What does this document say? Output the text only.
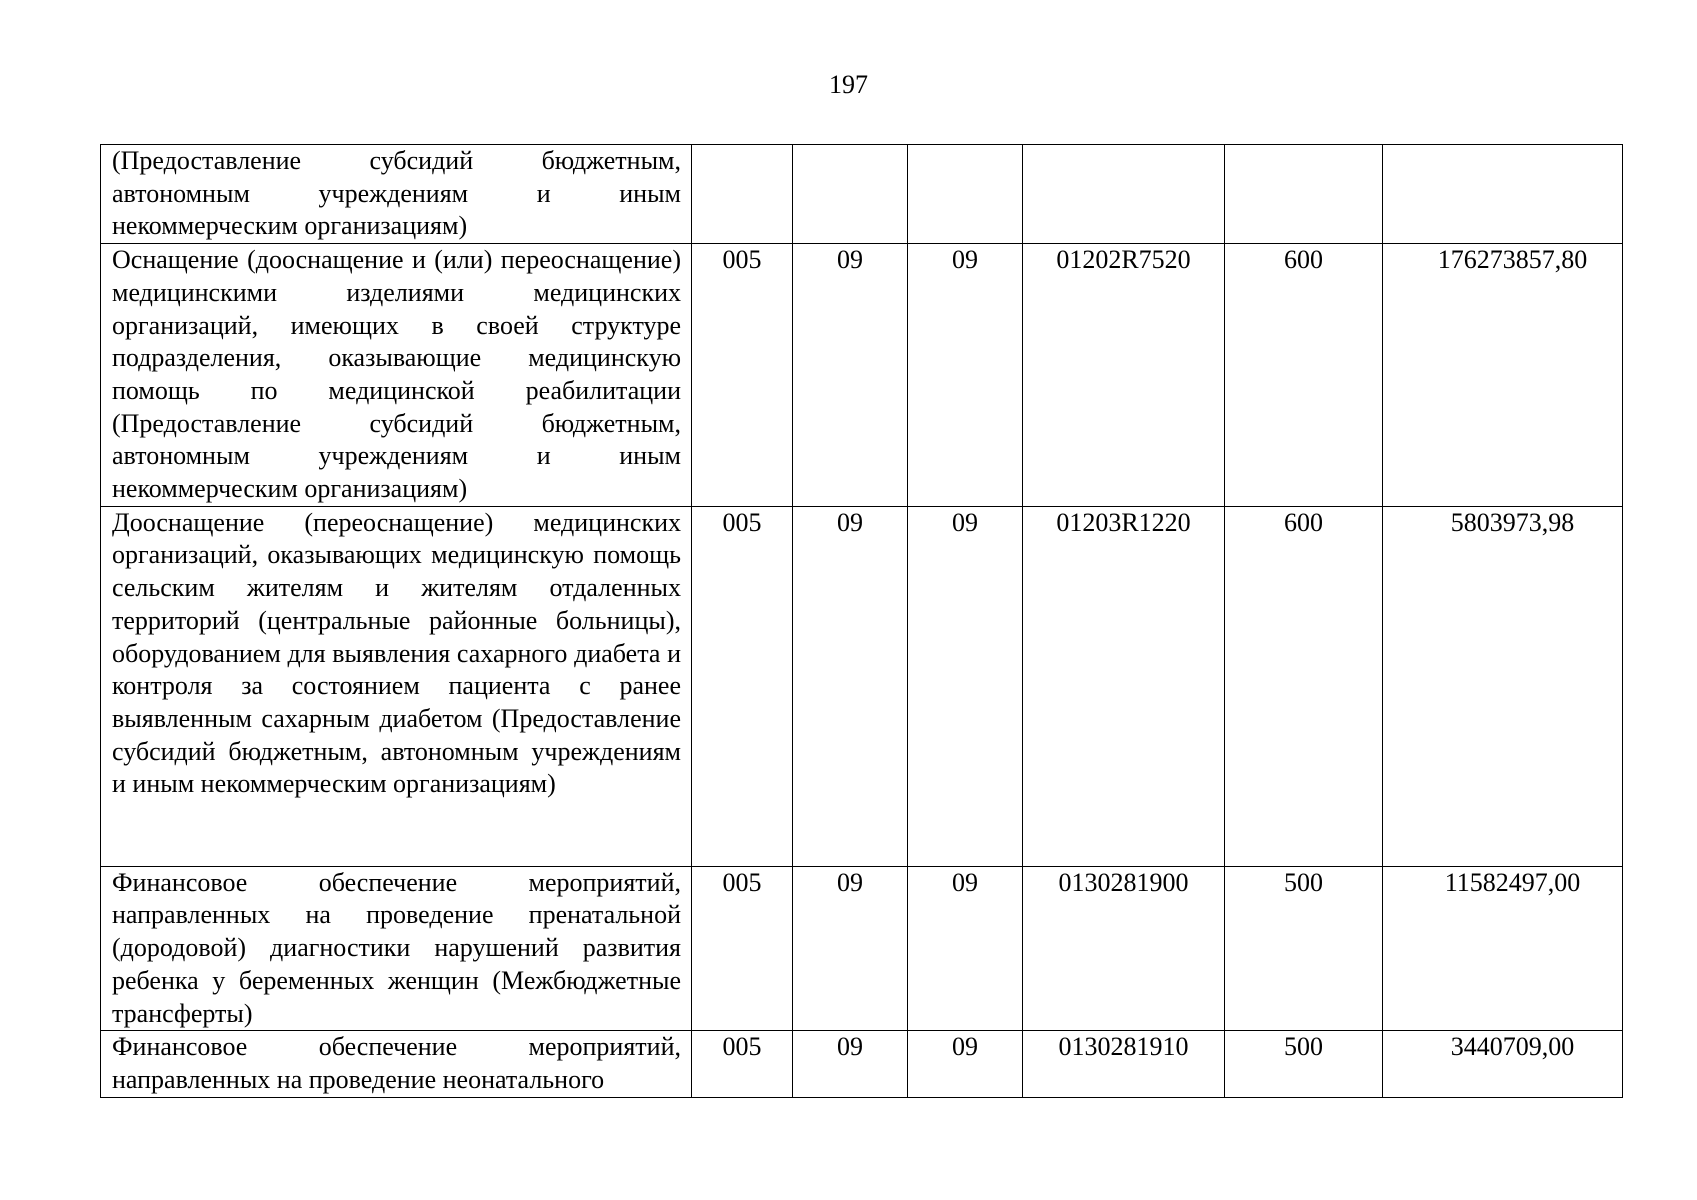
197
(Предоставление субсидий бюджетным, автономным учреждениям и иным некоммерческим организациям)						
Оснащение (дооснащение и (или) переоснащение) медицинскими изделиями медицинских организаций, имеющих в своей структуре подразделения, оказывающие медицинскую помощь по медицинской реабилитации (Предоставление субсидий бюджетным, автономным учреждениям и иным некоммерческим организациям)	005	09	09	01202R7520	600	176273857,80
Дооснащение (переоснащение) медицинских организаций, оказывающих медицинскую помощь сельским жителям и жителям отдаленных территорий (центральные районные больницы), оборудованием для выявления сахарного диабета и контроля за состоянием пациента с ранее выявленным сахарным диабетом (Предоставление субсидий бюджетным, автономным учреждениям и иным некоммерческим организациям)	005	09	09	01203R1220	600	5803973,98
Финансовое обеспечение мероприятий, направленных на проведение пренатальной (дородовой) диагностики нарушений развития ребенка у беременных женщин (Межбюджетные трансферты)	005	09	09	0130281900	500	11582497,00
Финансовое обеспечение мероприятий, направленных на проведение неонатального	005	09	09	0130281910	500	3440709,00
